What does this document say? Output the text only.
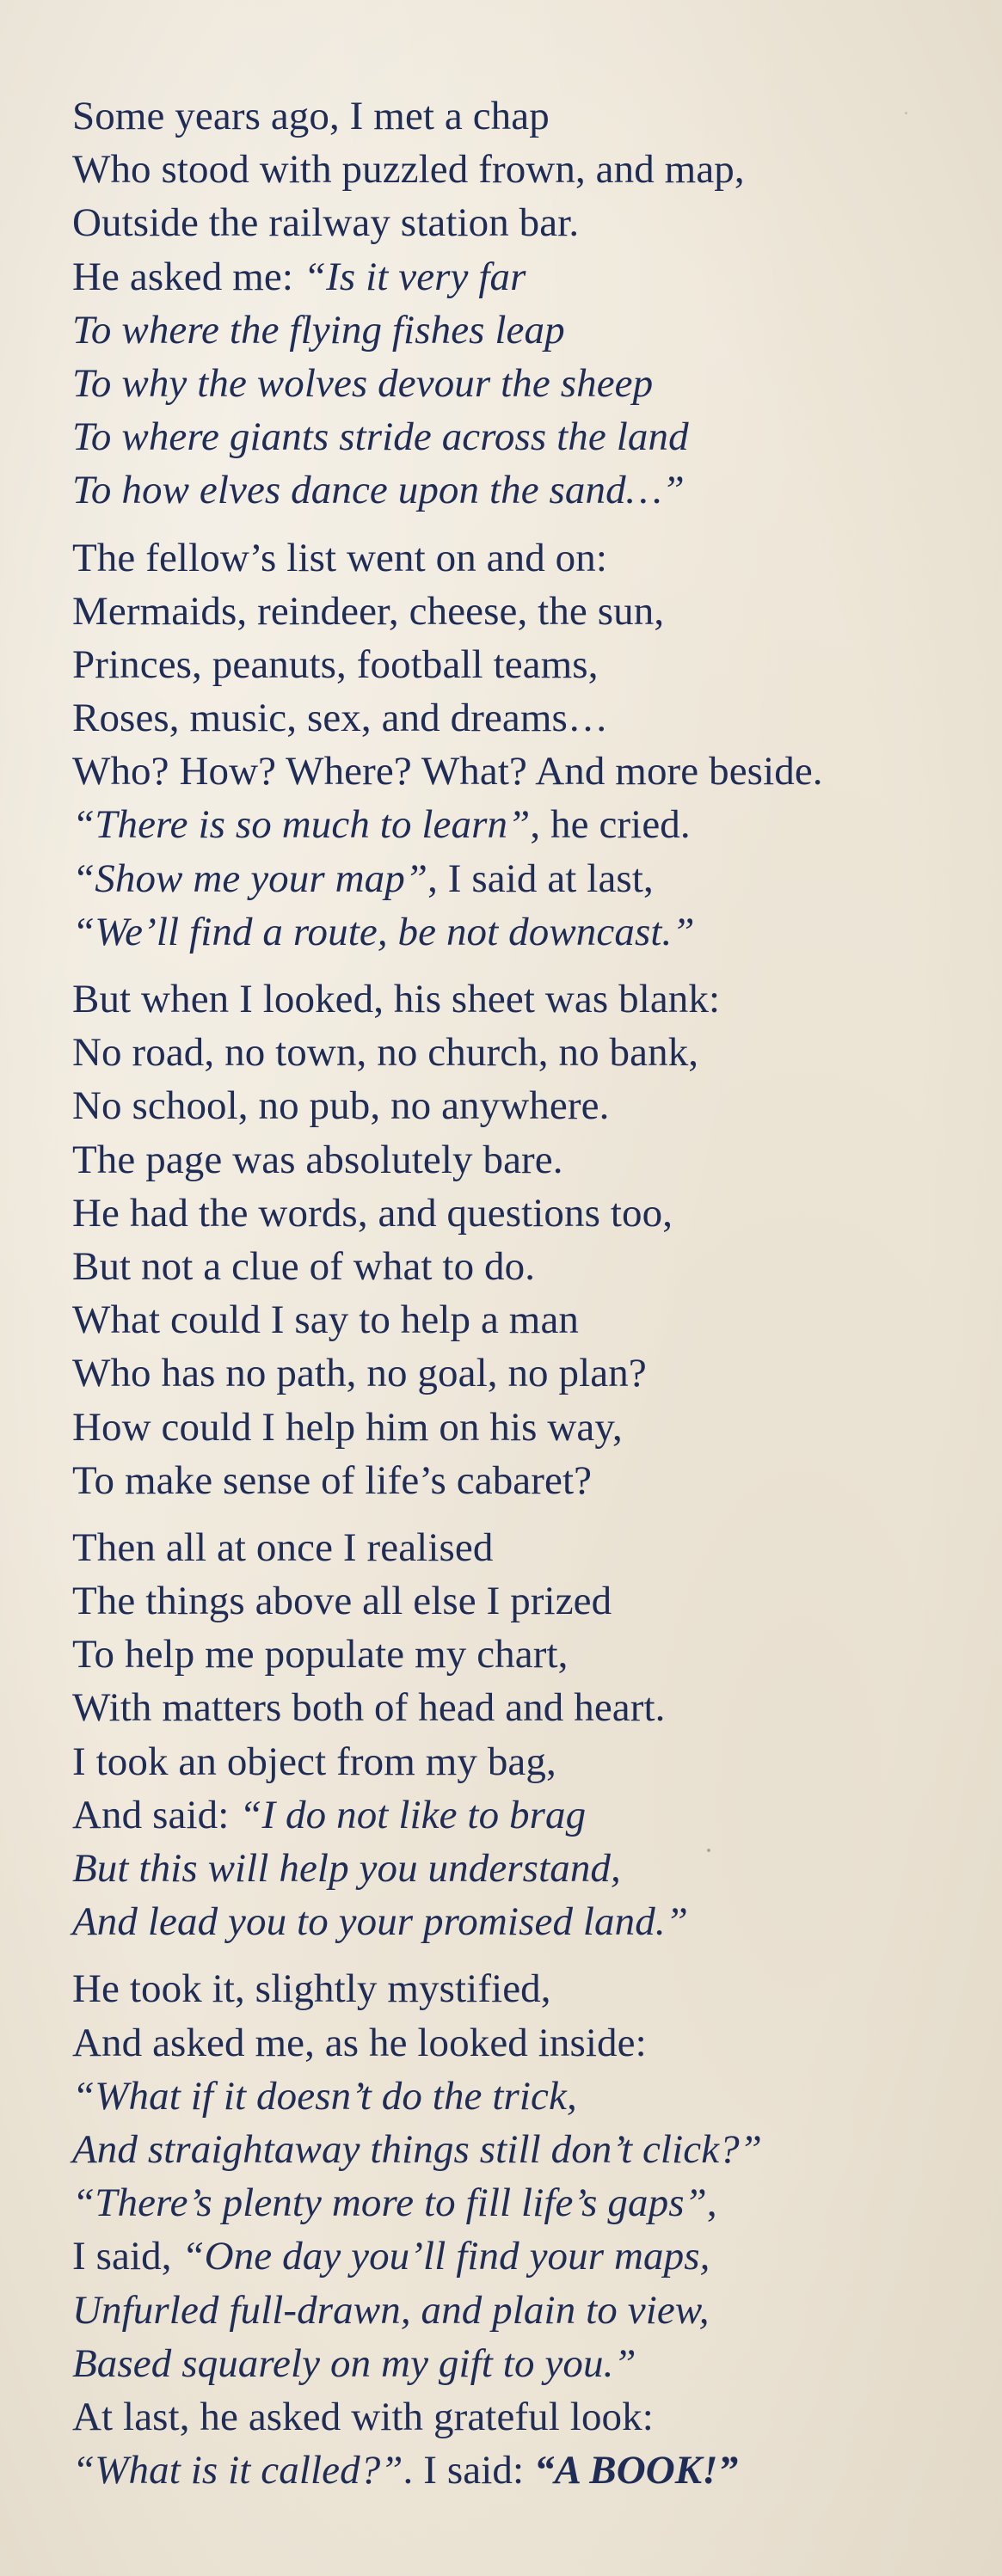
Some years ago, I met a chap
Who stood with puzzled frown, and map,
Outside the railway station bar.
He asked me: “Is it very far
To where the flying fishes leap
To why the wolves devour the sheep
To where giants stride across the land
To how elves dance upon the sand…”
The fellow’s list went on and on:
Mermaids, reindeer, cheese, the sun,
Princes, peanuts, football teams,
Roses, music, sex, and dreams…
Who? How? Where? What? And more beside.
“There is so much to learn”, he cried.
“Show me your map”, I said at last,
“We’ll find a route, be not downcast.”
But when I looked, his sheet was blank:
No road, no town, no church, no bank,
No school, no pub, no anywhere.
The page was absolutely bare.
He had the words, and questions too,
But not a clue of what to do.
What could I say to help a man
Who has no path, no goal, no plan?
How could I help him on his way,
To make sense of life’s cabaret?
Then all at once I realised
The things above all else I prized
To help me populate my chart,
With matters both of head and heart.
I took an object from my bag,
And said: “I do not like to brag
But this will help you understand,
And lead you to your promised land.”
He took it, slightly mystified,
And asked me, as he looked inside:
“What if it doesn’t do the trick,
And straightaway things still don’t click?”
“There’s plenty more to fill life’s gaps”,
I said, “One day you’ll find your maps,
Unfurled full-drawn, and plain to view,
Based squarely on my gift to you.”
At last, he asked with grateful look:
“What is it called?”. I said: “A BOOK!”
